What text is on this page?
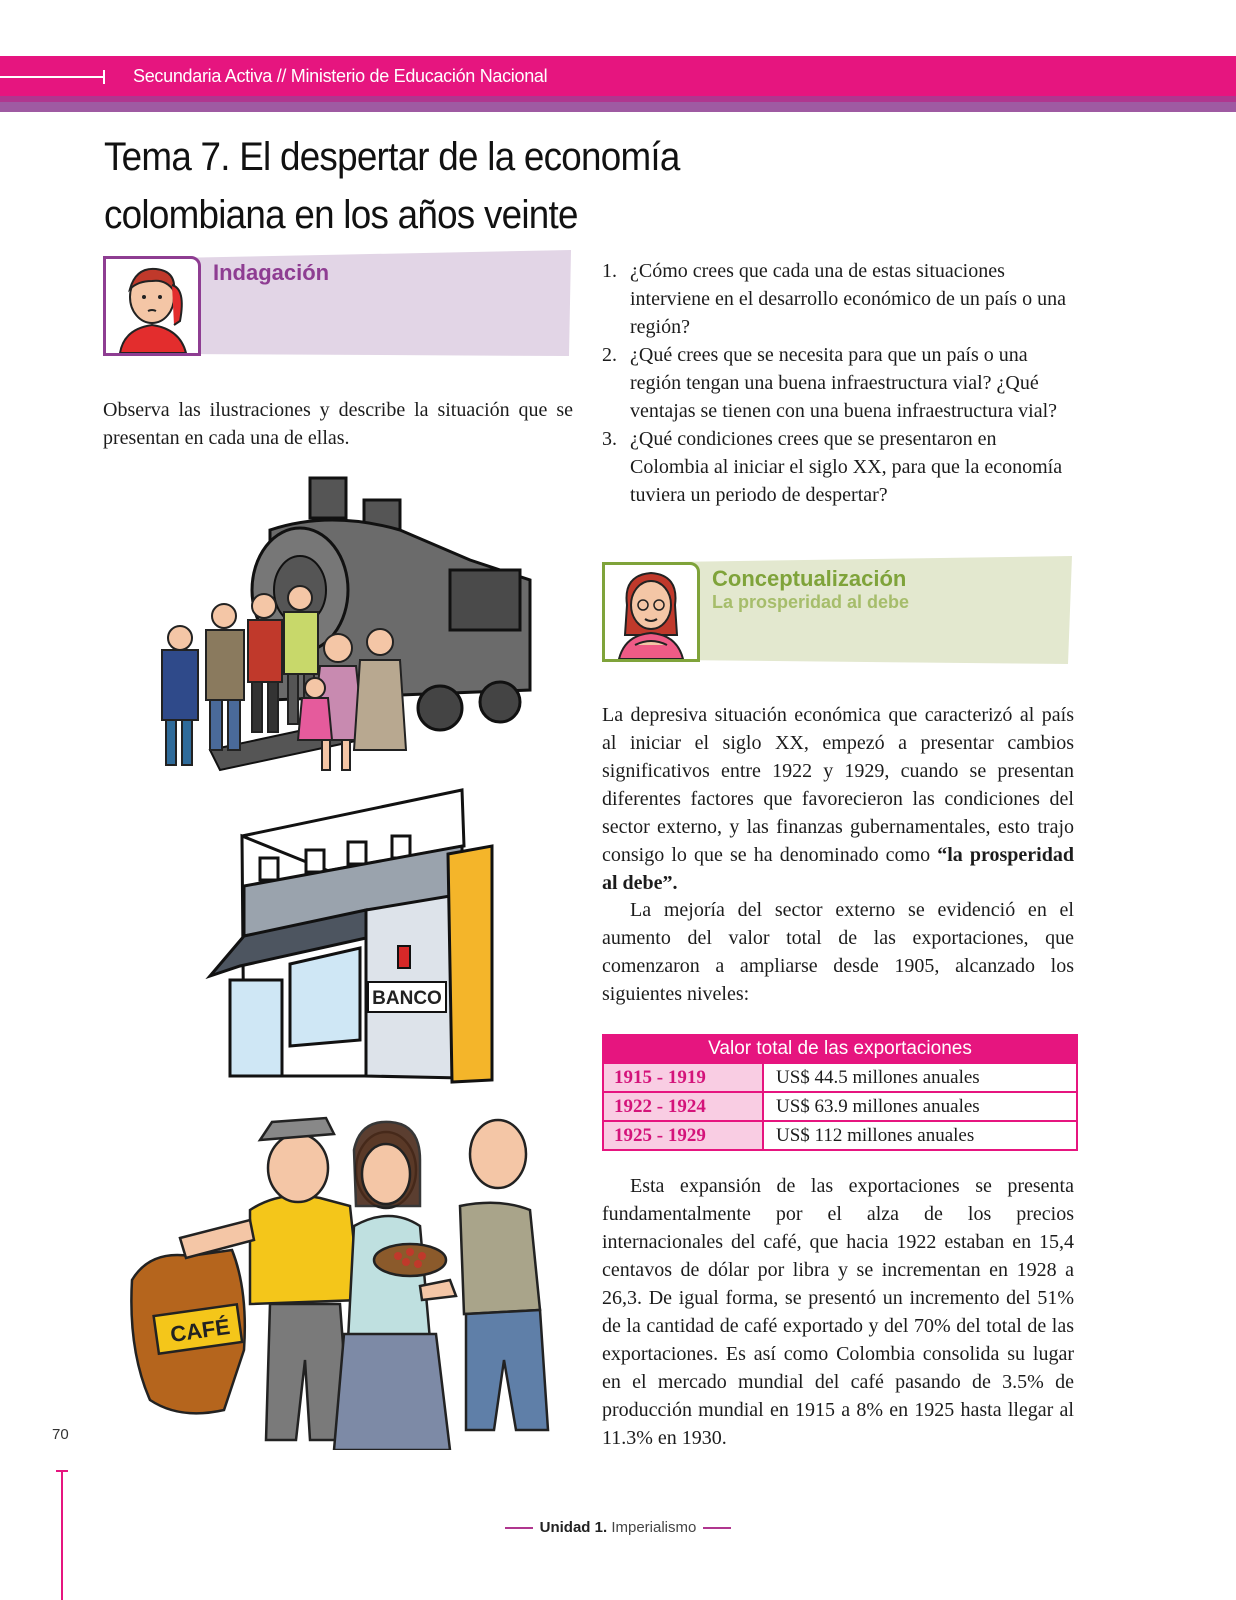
Secundaria Activa // Ministerio de Educación Nacional
Tema 7. El despertar de la economía
colombiana en los años veinte
Indagación
Observa las ilustraciones y describe la situación que se presentan en cada una de ellas.
1. ¿Cómo crees que cada una de estas situaciones interviene en el desarrollo económico de un país o una región?
2. ¿Qué crees que se necesita para que un país o una región tengan una buena infraestructura vial? ¿Qué ventajas se tienen con una buena infraestructura vial?
3. ¿Qué condiciones crees que se presentaron en Colombia al iniciar el siglo XX, para que la economía tuviera un periodo de despertar?
Conceptualización
La prosperidad al debe
La depresiva situación económica que caracterizó al país al iniciar el siglo XX, empezó a presentar cambios significativos entre 1922 y 1929, cuando se presentan diferentes factores que favorecieron las condiciones del sector externo, y las finanzas gubernamentales, esto trajo consigo lo que se ha denominado como “la prosperidad al debe”.
La mejoría del sector externo se evidenció en el aumento del valor total de las exportaciones, que comenzaron a ampliarse desde 1905, alcanzado los siguientes niveles:
Valor total de las exportaciones
1915 - 1919	US$ 44.5 millones anuales
1922 - 1924	US$ 63.9 millones anuales
1925 - 1929	US$ 112 millones anuales
Esta expansión de las exportaciones se presenta fundamentalmente por el alza de los precios internacionales del café, que hacia 1922 estaban en 15,4 centavos de dólar por libra y se incrementan en 1928 a 26,3. De igual forma, se presentó un incremento del 51% de la cantidad de café exportado y del 70% del total de las exportaciones. Es así como Colombia consolida su lugar en el mercado mundial del café pasando de 3.5% de producción mundial en 1915 a 8% en 1925 hasta llegar al 11.3% en 1930.
BANCO
CAFÉ
70
Unidad 1. Imperialismo
